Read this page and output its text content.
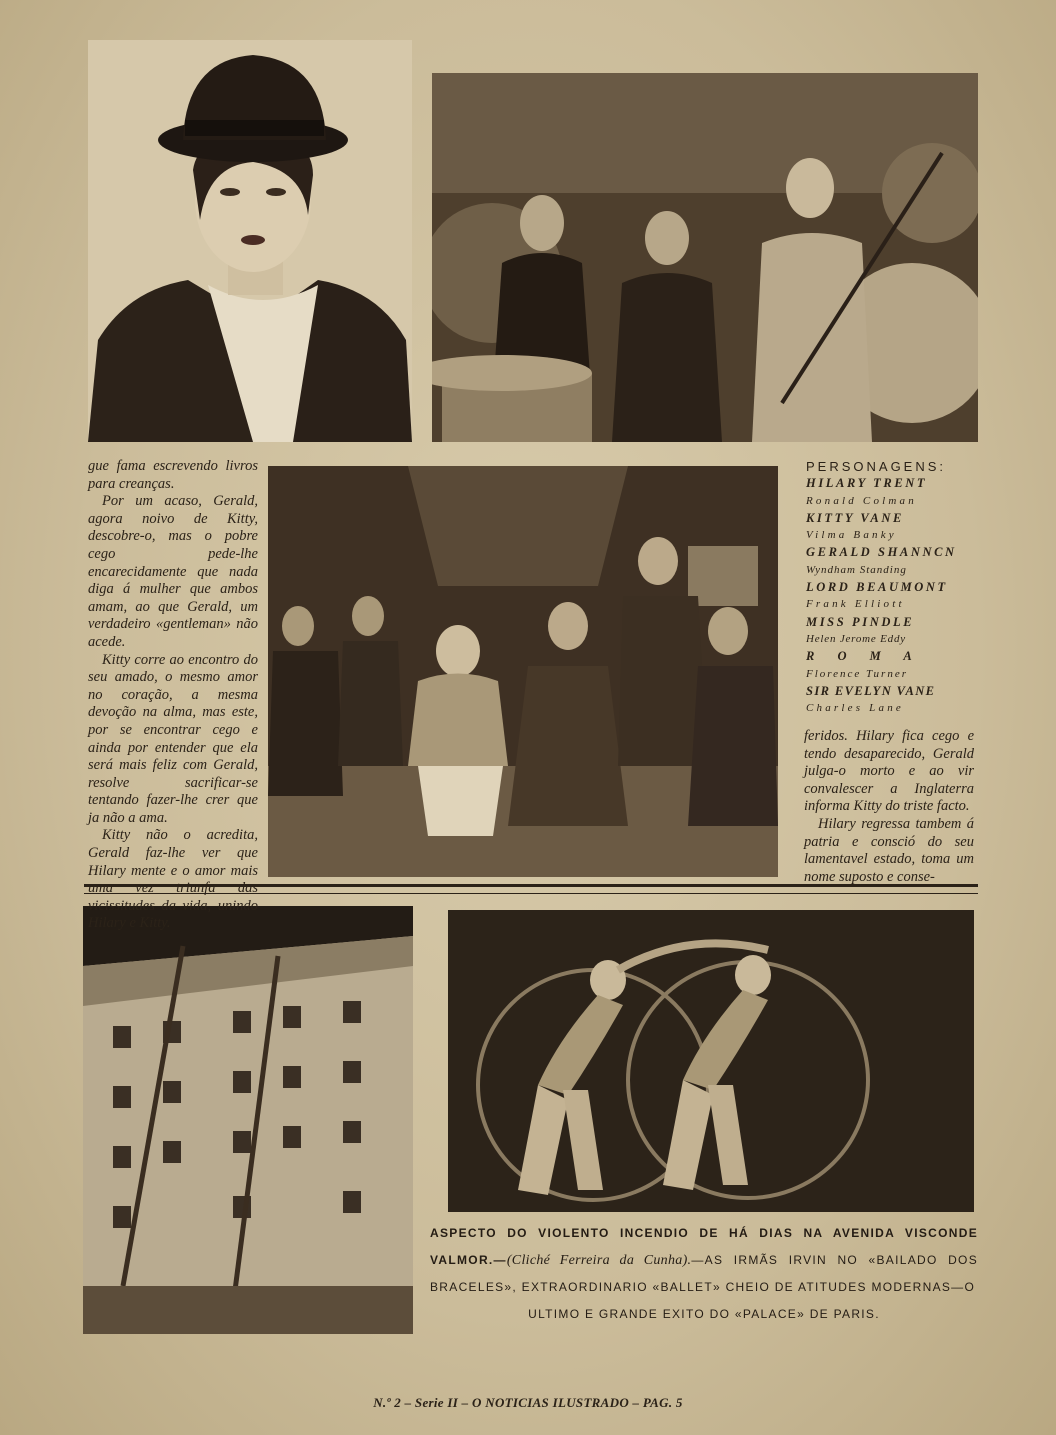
gue fama escrevendo livros para creanças.

Por um acaso, Gerald, agora noivo de Kitty, descobre-o, mas o pobre cego pede-lhe encarecidamente que nada diga á mulher que ambos amam, ao que Gerald, um verdadeiro «gentleman» não acede.

Kitty corre ao encontro do seu amado, o mesmo amor no coração, a mesma devoção na alma, mas este, por se encontrar cego e ainda por entender que ela será mais feliz com Gerald, resolve sacrificar-se tentando fazer-lhe crer que ja não a ama.

Kitty não o acredita, Gerald faz-lhe ver que Hilary mente e o amor mais uma vez triunfa das vicissitudes da vida, unindo Hilary e Kitty.

PERSONAGENS:
HILARY TRENT
Ronald Colman
KITTY VANE
Vilma Banky
GERALD SHANNCN
Wyndham Standing
LORD BEAUMONT
Frank Elliott
MISS PINDLE
Helen Jerome Eddy
R O M A
Florence Turner
SIR EVELYN VANE
Charles Lane

feridos. Hilary fica cego e tendo desaparecido, Gerald julga-o morto e ao vir convalescer a Inglaterra informa Kitty do triste facto.

Hilary regressa tambem á patria e consció do seu lamentavel estado, toma um nome suposto e conse-

ASPECTO DO VIOLENTO INCENDIO DE HÁ DIAS NA AVENIDA VISCONDE VALMOR.—(Cliché Ferreira da Cunha).—AS IRMÃS IRVIN NO «BAILADO DOS BRACELES», EXTRAORDINARIO «BALLET» CHEIO DE ATITUDES MODERNAS—O
ULTIMO E GRANDE EXITO DO «PALACE» DE PARIS.
N.º 2 – Serie II – O NOTICIAS ILUSTRADO – PAG. 5
